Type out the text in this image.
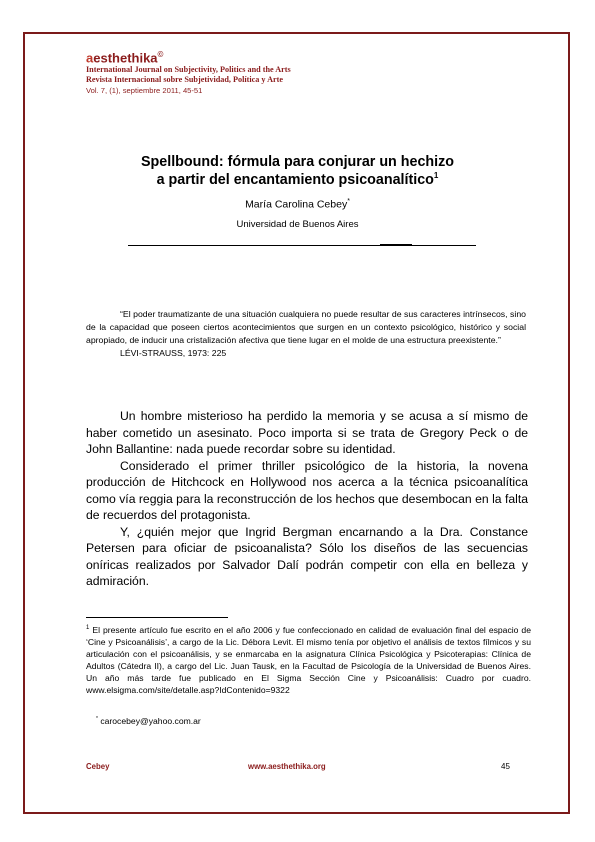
aesthethika©
International Journal on Subjectivity, Politics and the Arts
Revista Internacional sobre Subjetividad, Política y Arte
Vol. 7, (1), septiembre 2011, 45-51
Spellbound: fórmula para conjurar un hechizo
a partir del encantamiento psicoanalítico$^1$
María Carolina Cebey*
Universidad de Buenos Aires

“El poder traumatizante de una situación cualquiera no puede resultar de sus caracteres intrínsecos, sino de la capacidad que poseen ciertos acontecimientos que surgen en un contexto psicológico, histórico y social apropiado, de inducir una cristalización afectiva que tiene lugar en el molde de una estructura preexistente.”

LÉVI-STRAUSS, 1973: 225

Un hombre misterioso ha perdido la memoria y se acusa a sí mismo de haber cometido un asesinato. Poco importa si se trata de Gregory Peck o de John Ballantine: nada puede recordar sobre su identidad.

Considerado el primer thriller psicológico de la historia, la novena producción de Hitchcock en Hollywood nos acerca a la técnica psicoanalítica como vía reggia para la reconstrucción de los hechos que desembocan en la falta de recuerdos del protagonista.

Y, ¿quién mejor que Ingrid Bergman encarnando a la Dra. Constance Petersen para oficiar de psicoanalista? Sólo los diseños de las secuencias oníricas realizados por Salvador Dalí podrán competir con ella en belleza y admiración.

$^1$ El presente artículo fue escrito en el año 2006 y fue confeccionado en calidad de evaluación final del espacio de ‘Cine y Psicoanálisis’, a cargo de la Lic. Débora Levit. El mismo tenía por objetivo el análisis de textos fílmicos y su articulación con el psicoanálisis, y se enmarcaba en la asignatura Clínica Psicológica y Psicoterapias: Clínica de Adultos (Cátedra II), a cargo del Lic. Juan Tausk, en la Facultad de Psicología de la Universidad de Buenos Aires. Un año más tarde fue publicado en El Sigma Sección Cine y Psicoanálisis: Cuadro por cuadro. www.elsigma.com/site/detalle.asp?IdContenido=9322
* carocebey@yahoo.com.ar
Cebey	www.aesthethika.org	45
